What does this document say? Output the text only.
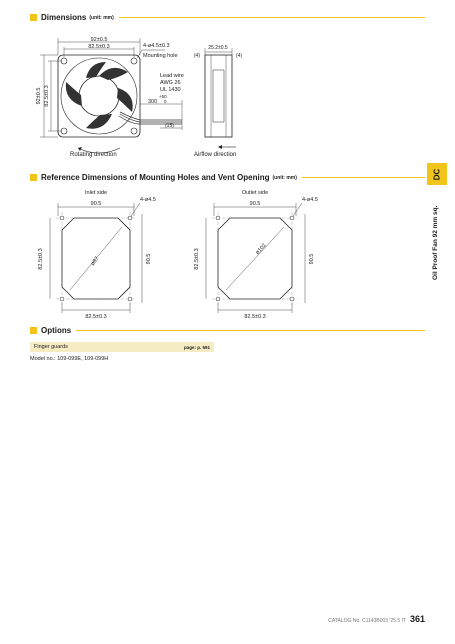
Dimensions (unit: mm)
92±0.5
82.5±0.3	4-ø4.5±0.3
Mounting hole
25.2±0.5
(4)	(4)
Lead wire
AWG 26
UL 1430
+50
300 0
(15)
92±0.5 82.5±0.3
Rotating direction	Airflow direction
Reference Dimensions of Mounting Holes and Vent Opening (unit: mm)
Inlet side
4-ø4.5
90.5
ø87
82.5±0.3	90.5
82.5±0.3
Outlet side
4-ø4.5
90.5
ø102
82.5±0.3	90.5
82.5±0.3
Options
Finger guards	page: p. 591
Model no.: 109-099E, 109-099H
DC
Oil Proof Fan 92 mm sq.
CATALOG No. C1143B003 '25.5 IT 361
